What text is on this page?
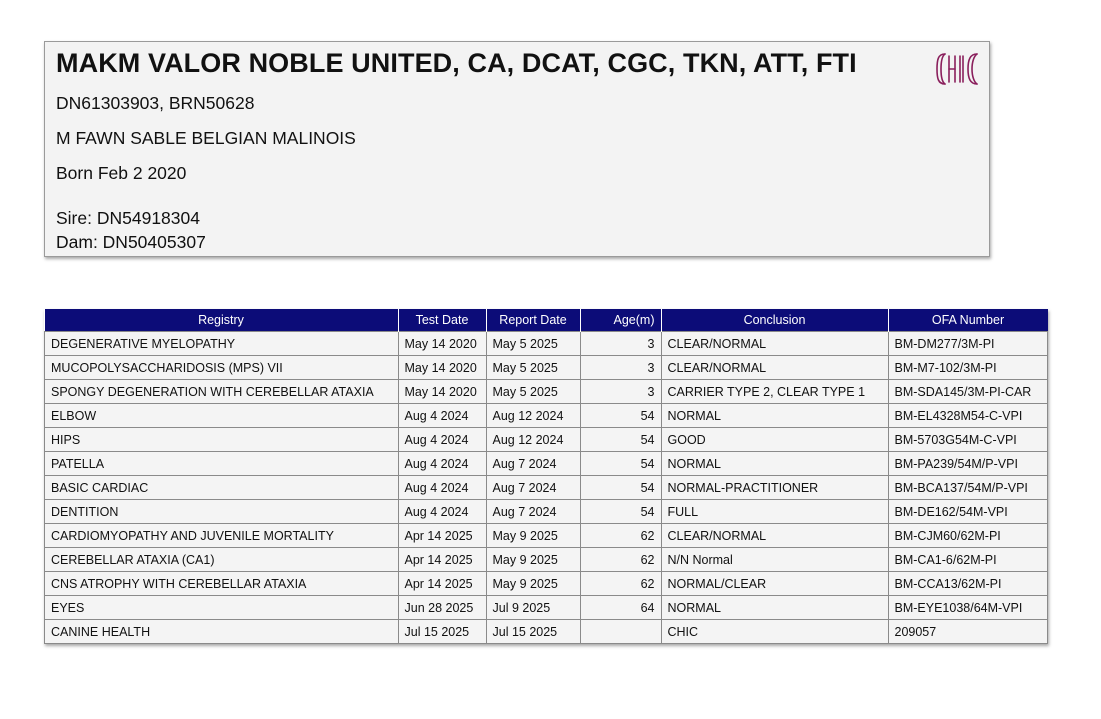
MAKM VALOR NOBLE UNITED, CA, DCAT, CGC, TKN, ATT, FTI
DN61303903, BRN50628
M FAWN SABLE BELGIAN MALINOIS
Born Feb 2 2020
Sire: DN54918304
Dam: DN50405307
Registry	Test Date	Report Date	Age(m)	Conclusion	OFA Number
DEGENERATIVE MYELOPATHY	May 14 2020	May 5 2025	3	CLEAR/NORMAL	BM-DM277/3M-PI
MUCOPOLYSACCHARIDOSIS (MPS) VII	May 14 2020	May 5 2025	3	CLEAR/NORMAL	BM-M7-102/3M-PI
SPONGY DEGENERATION WITH CEREBELLAR ATAXIA	May 14 2020	May 5 2025	3	CARRIER TYPE 2, CLEAR TYPE 1	BM-SDA145/3M-PI-CAR
ELBOW	Aug 4 2024	Aug 12 2024	54	NORMAL	BM-EL4328M54-C-VPI
HIPS	Aug 4 2024	Aug 12 2024	54	GOOD	BM-5703G54M-C-VPI
PATELLA	Aug 4 2024	Aug 7 2024	54	NORMAL	BM-PA239/54M/P-VPI
BASIC CARDIAC	Aug 4 2024	Aug 7 2024	54	NORMAL-PRACTITIONER	BM-BCA137/54M/P-VPI
DENTITION	Aug 4 2024	Aug 7 2024	54	FULL	BM-DE162/54M-VPI
CARDIOMYOPATHY AND JUVENILE MORTALITY	Apr 14 2025	May 9 2025	62	CLEAR/NORMAL	BM-CJM60/62M-PI
CEREBELLAR ATAXIA (CA1)	Apr 14 2025	May 9 2025	62	N/N Normal	BM-CA1-6/62M-PI
CNS ATROPHY WITH CEREBELLAR ATAXIA	Apr 14 2025	May 9 2025	62	NORMAL/CLEAR	BM-CCA13/62M-PI
EYES	Jun 28 2025	Jul 9 2025	64	NORMAL	BM-EYE1038/64M-VPI
CANINE HEALTH	Jul 15 2025	Jul 15 2025		CHIC	209057
